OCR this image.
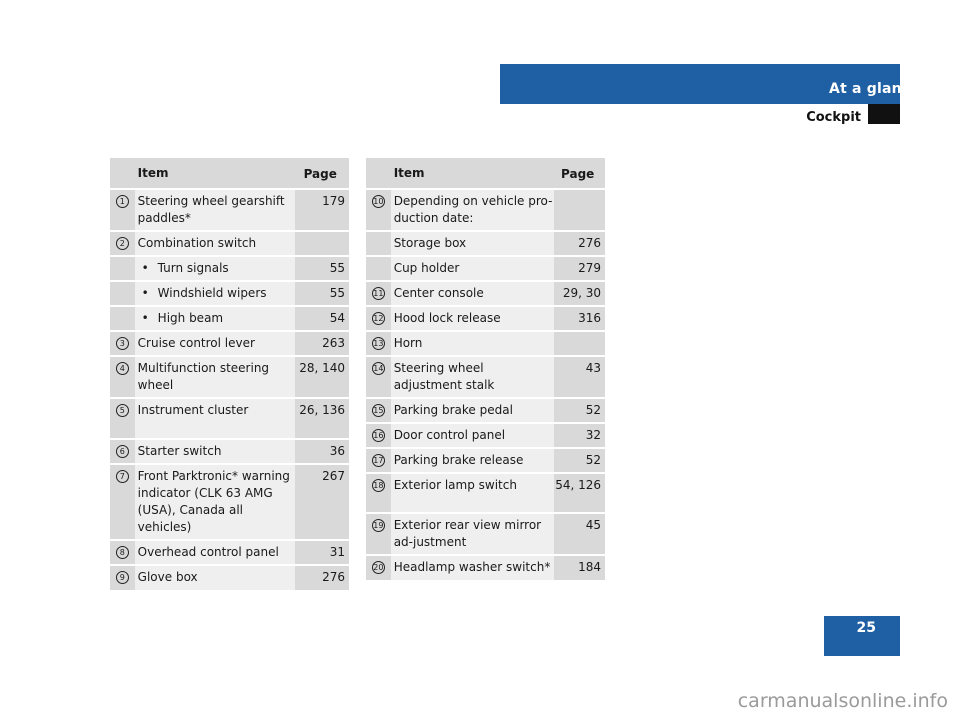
At a glance
Cockpit
	Item	Page
1	Steering wheel gearshift paddles*	179
2	Combination switch	
	• Turn signals	55
	• Windshield wipers	55
	• High beam	54
3	Cruise control lever	263
4	Multifunction steering wheel	28, 140
5	Instrument cluster	26, 136
6	Starter switch	36
7	Front Parktronic* warning indicator (CLK 63 AMG (USA), Canada all vehicles)	267
8	Overhead control panel	31
9	Glove box	276
	Item	Page
10	Depending on vehicle pro-duction date:	
	Storage box	276
	Cup holder	279
11	Center console	29, 30
12	Hood lock release	316
13	Horn	
14	Steering wheel adjustment stalk	43
15	Parking brake pedal	52
16	Door control panel	32
17	Parking brake release	52
18	Exterior lamp switch	54, 126
19	Exterior rear view mirror ad-justment	45
20	Headlamp washer switch*	184
25
carmanualsonline.info
